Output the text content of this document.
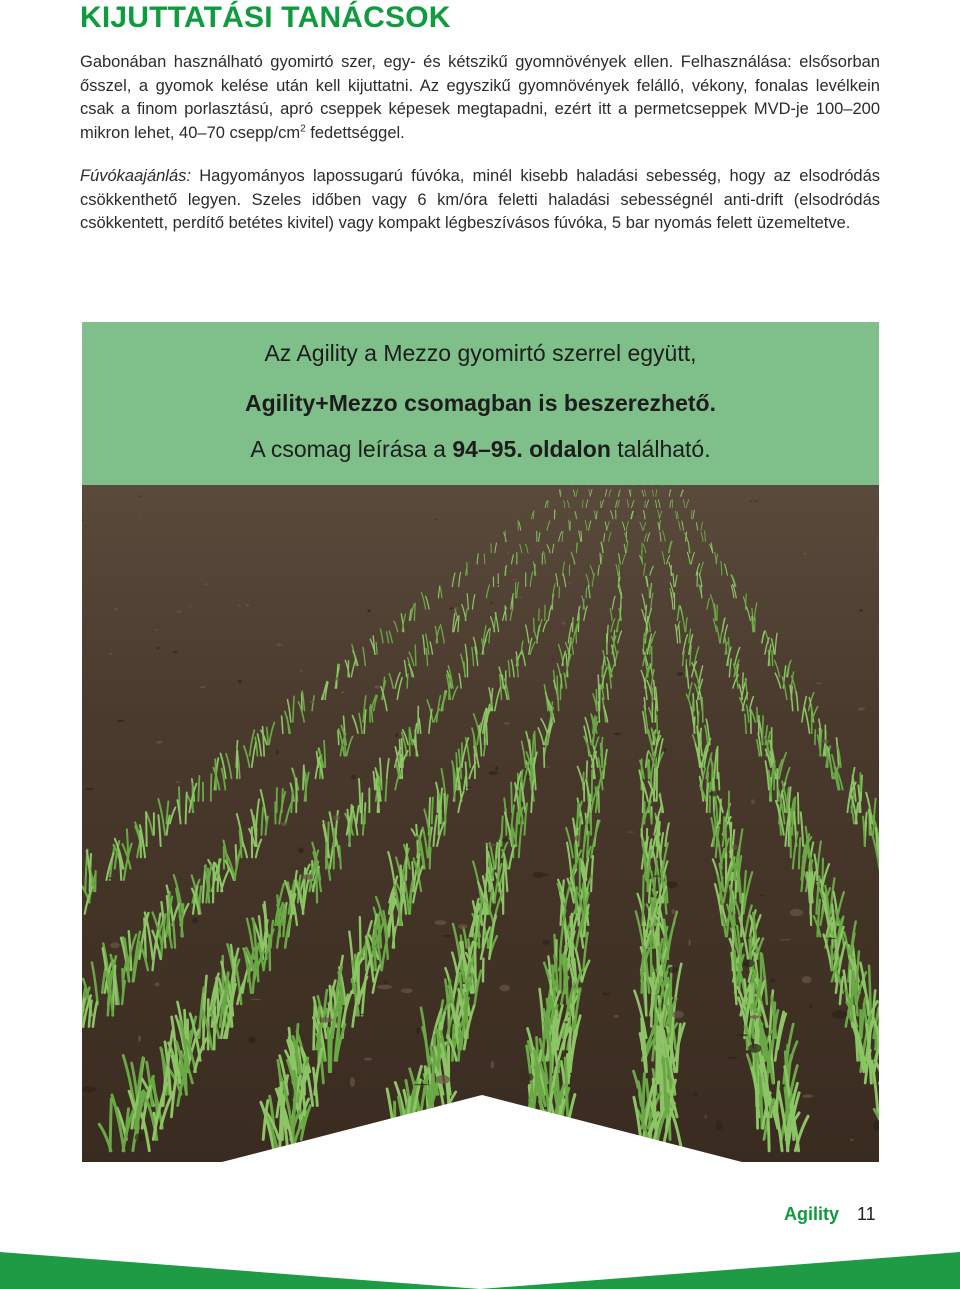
KIJUTTATÁSI TANÁCSOK

Gabonában használható gyomirtó szer, egy- és kétszikű gyomnövények ellen. Felhasználása: elsősorban ősszel, a gyomok kelése után kell kijuttatni. Az egyszikű gyomnövények felálló, vékony, fonalas levélkein csak a finom porlasztású, apró cseppek képesek megtapadni, ezért itt a permetcseppek MVD-je 100–200 mikron lehet, 40–70 csepp/$cm^2$ fedettséggel.

Fúvókaajánlás: Hagyományos lapossugarú fúvóka, minél kisebb haladási sebesség, hogy az elsodródás csökkenthető legyen. Szeles időben vagy 6 km/óra feletti haladási sebességnél anti-drift (elsodródás csökkentett, perdítő betétes kivitel) vagy kompakt légbeszívásos fúvóka, 5 bar nyomás felett üzemeltetve.

Az Agility a Mezzo gyomirtó szerrel együtt,
Agility+Mezzo csomagban is beszerezhető.
A csomag leírása a 94–95. oldalon található.
Agility 11
